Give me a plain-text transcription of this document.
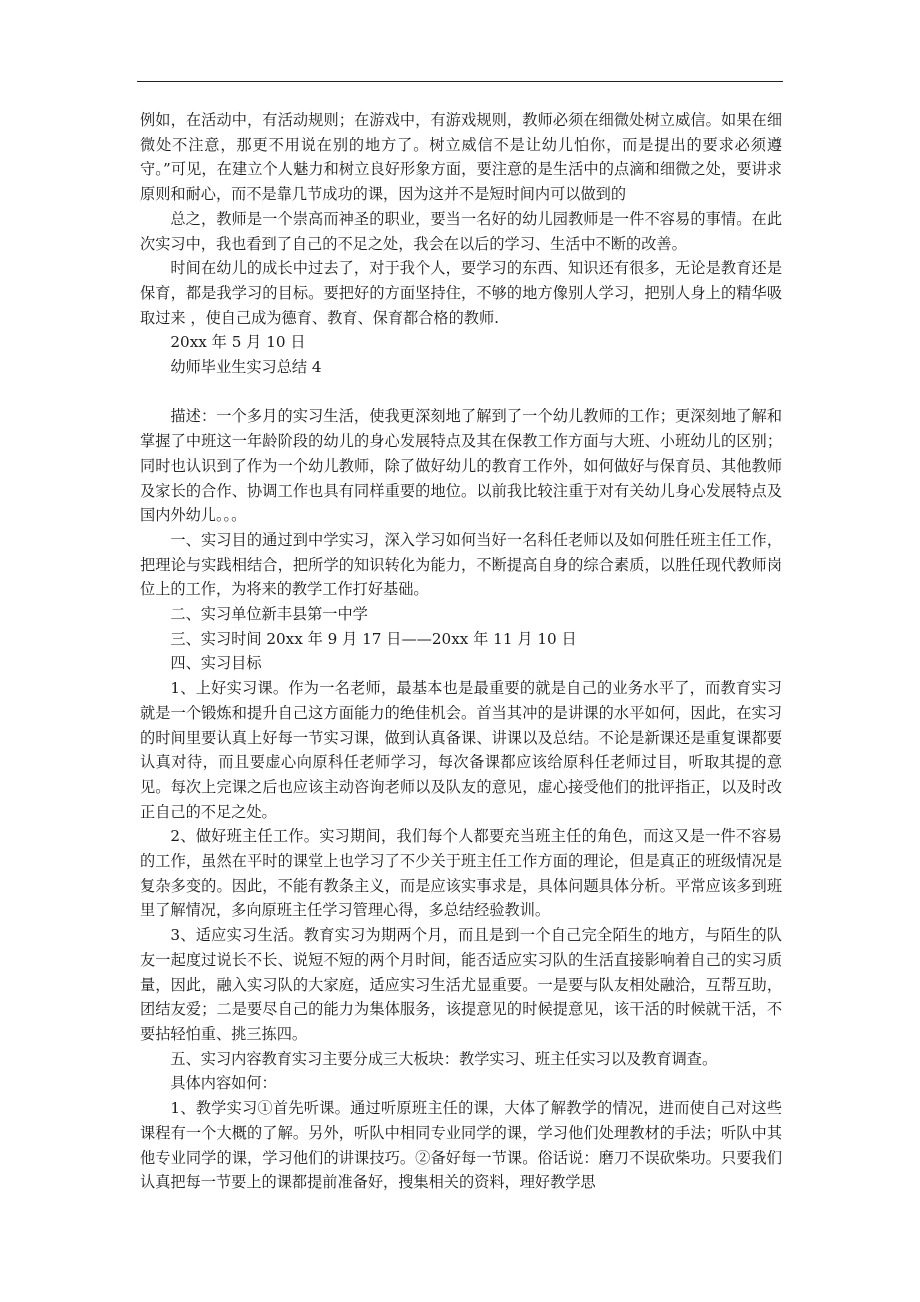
例如，在活动中，有活动规则；在游戏中，有游戏规则，教师必须在细微处树立威信。如果在细微处不注意，那更不用说在别的地方了。树立威信不是让幼儿怕你，而是提出的要求必须遵守。”可见，在建立个人魅力和树立良好形象方面，要注意的是生活中的点滴和细微之处，要讲求原则和耐心，而不是靠几节成功的课，因为这并不是短时间内可以做到的

总之，教师是一个崇高而神圣的职业，要当一名好的幼儿园教师是一件不容易的事情。在此次实习中，我也看到了自己的不足之处，我会在以后的学习、生活中不断的改善。

时间在幼儿的成长中过去了，对于我个人，要学习的东西、知识还有很多，无论是教育还是保育，都是我学习的目标。要把好的方面坚持住，不够的地方像别人学习，把别人身上的精华吸取过来 ，使自己成为德育、教育、保育都合格的教师.

20xx 年 5 月 10 日

幼师毕业生实习总结 4

描述：一个多月的实习生活，使我更深刻地了解到了一个幼儿教师的工作；更深刻地了解和掌握了中班这一年龄阶段的幼儿的身心发展特点及其在保教工作方面与大班、小班幼儿的区别；同时也认识到了作为一个幼儿教师，除了做好幼儿的教育工作外，如何做好与保育员、其他教师及家长的合作、协调工作也具有同样重要的地位。以前我比较注重于对有关幼儿身心发展特点及国内外幼儿。。。

一、实习目的通过到中学实习，深入学习如何当好一名科任老师以及如何胜任班主任工作，把理论与实践相结合，把所学的知识转化为能力，不断提高自身的综合素质，以胜任现代教师岗位上的工作，为将来的教学工作打好基础。

二、实习单位新丰县第一中学

三、实习时间 20xx 年 9 月 17 日——20xx 年 11 月 10 日

四、实习目标

1、上好实习课。作为一名老师，最基本也是最重要的就是自己的业务水平了，而教育实习就是一个锻炼和提升自己这方面能力的绝佳机会。首当其冲的是讲课的水平如何，因此，在实习的时间里要认真上好每一节实习课，做到认真备课、讲课以及总结。不论是新课还是重复课都要认真对待，而且要虚心向原科任老师学习，每次备课都应该给原科任老师过目，听取其提的意见。每次上完课之后也应该主动咨询老师以及队友的意见，虚心接受他们的批评指正，以及时改正自己的不足之处。

2、做好班主任工作。实习期间，我们每个人都要充当班主任的角色，而这又是一件不容易的工作，虽然在平时的课堂上也学习了不少关于班主任工作方面的理论，但是真正的班级情况是复杂多变的。因此，不能有教条主义，而是应该实事求是，具体问题具体分析。平常应该多到班里了解情况，多向原班主任学习管理心得，多总结经验教训。

3、适应实习生活。教育实习为期两个月，而且是到一个自己完全陌生的地方，与陌生的队友一起度过说长不长、说短不短的两个月时间，能否适应实习队的生活直接影响着自己的实习质量，因此，融入实习队的大家庭，适应实习生活尤显重要。一是要与队友相处融洽，互帮互助，团结友爱；二是要尽自己的能力为集体服务，该提意见的时候提意见，该干活的时候就干活，不要拈轻怕重、挑三拣四。

五、实习内容教育实习主要分成三大板块：教学实习、班主任实习以及教育调查。

具体内容如何：

1、教学实习①首先听课。通过听原班主任的课，大体了解教学的情况，进而使自己对这些课程有一个大概的了解。另外，听队中相同专业同学的课，学习他们处理教材的手法；听队中其他专业同学的课，学习他们的讲课技巧。②备好每一节课。俗话说：磨刀不误砍柴功。只要我们认真把每一节要上的课都提前准备好，搜集相关的资料，理好教学思
